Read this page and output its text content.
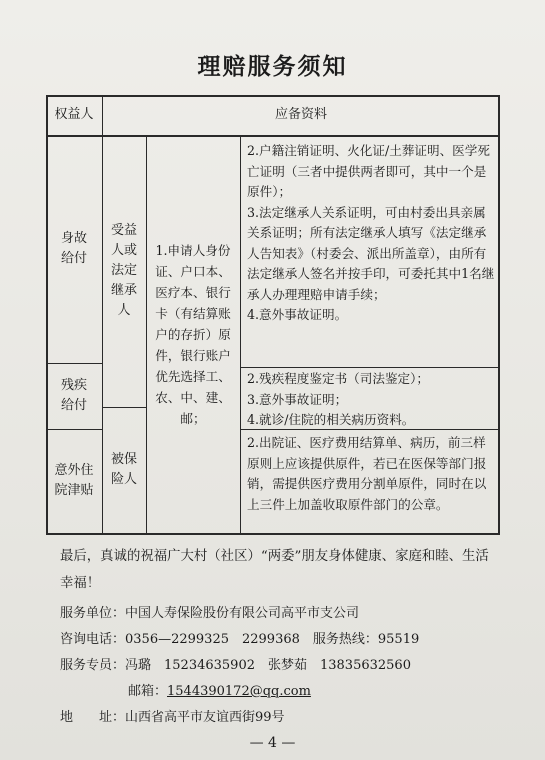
理赔服务须知
权益人	应备资料
身故给付
残疾给付
意外住院津贴
受益人或法定继承人
被保险人
1.申请人身份证、户口本、医疗本、银行卡（有结算账户的存折）原件，银行账户优先选择工、农、中、建、邮；
2.户籍注销证明、火化证/土葬证明、医学死亡证明（三者中提供两者即可，其中一个是原件）；
3.法定继承人关系证明，可由村委出具亲属关系证明；所有法定继承人填写《法定继承人告知表》（村委会、派出所盖章），由所有法定继承人签名并按手印，可委托其中1名继承人办理理赔申请手续；
4.意外事故证明。
2.残疾程度鉴定书（司法鉴定）；
3.意外事故证明；
4.就诊/住院的相关病历资料。
2.出院证、医疗费用结算单、病历，前三样原则上应该提供原件，若已在医保等部门报销，需提供医疗费用分割单原件，同时在以上三件上加盖收取原件部门的公章。
最后，真诚的祝福广大村（社区）“两委”朋友身体健康、家庭和睦、生活幸福！
服务单位：中国人寿保险股份有限公司高平市支公司
咨询电话：0356—2299325　2299368　服务热线：95519
服务专员：冯璐　15234635902　张梦茹　13835632560
邮箱：1544390172@qq.com
地　　址：山西省高平市友谊西街99号
— 4 —
